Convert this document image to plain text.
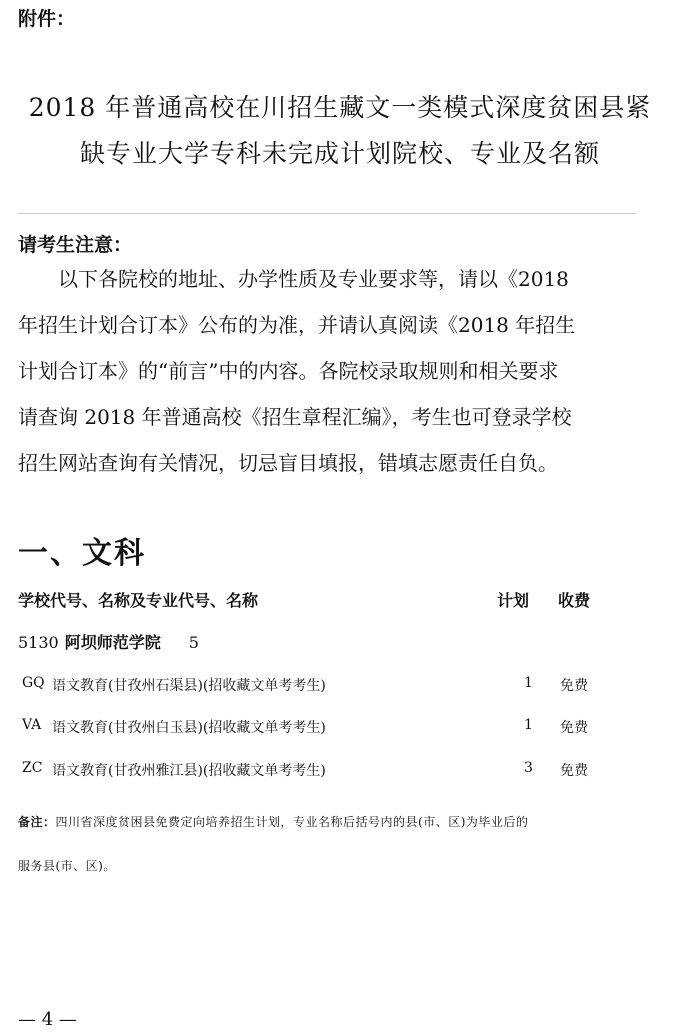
附件：
2018 年普通高校在川招生藏文一类模式深度贫困县紧
缺专业大学专科未完成计划院校、专业及名额
请考生注意：

以下各院校的地址、办学性质及专业要求等，请以《2018

年招生计划合订本》公布的为准，并请认真阅读《2018 年招生

计划合订本》的“前言”中的内容。各院校录取规则和相关要求

请查询 2018 年普通高校《招生章程汇编》，考生也可登录学校

招生网站查询有关情况，切忌盲目填报，错填志愿责任自负。

一、文科
学校代号、名称及专业代号、名称	计划 收费
5130 阿坝师范学院 5
GQ 语文教育(甘孜州石渠县)(招收藏文单考考生)	1 免费
VA 语文教育(甘孜州白玉县)(招收藏文单考考生)	1 免费
ZC 语文教育(甘孜州雅江县)(招收藏文单考考生)	3 免费
备注：四川省深度贫困县免费定向培养招生计划，专业名称后括号内的县(市、区)为毕业后的
服务县(市、区)。
— 4 —
